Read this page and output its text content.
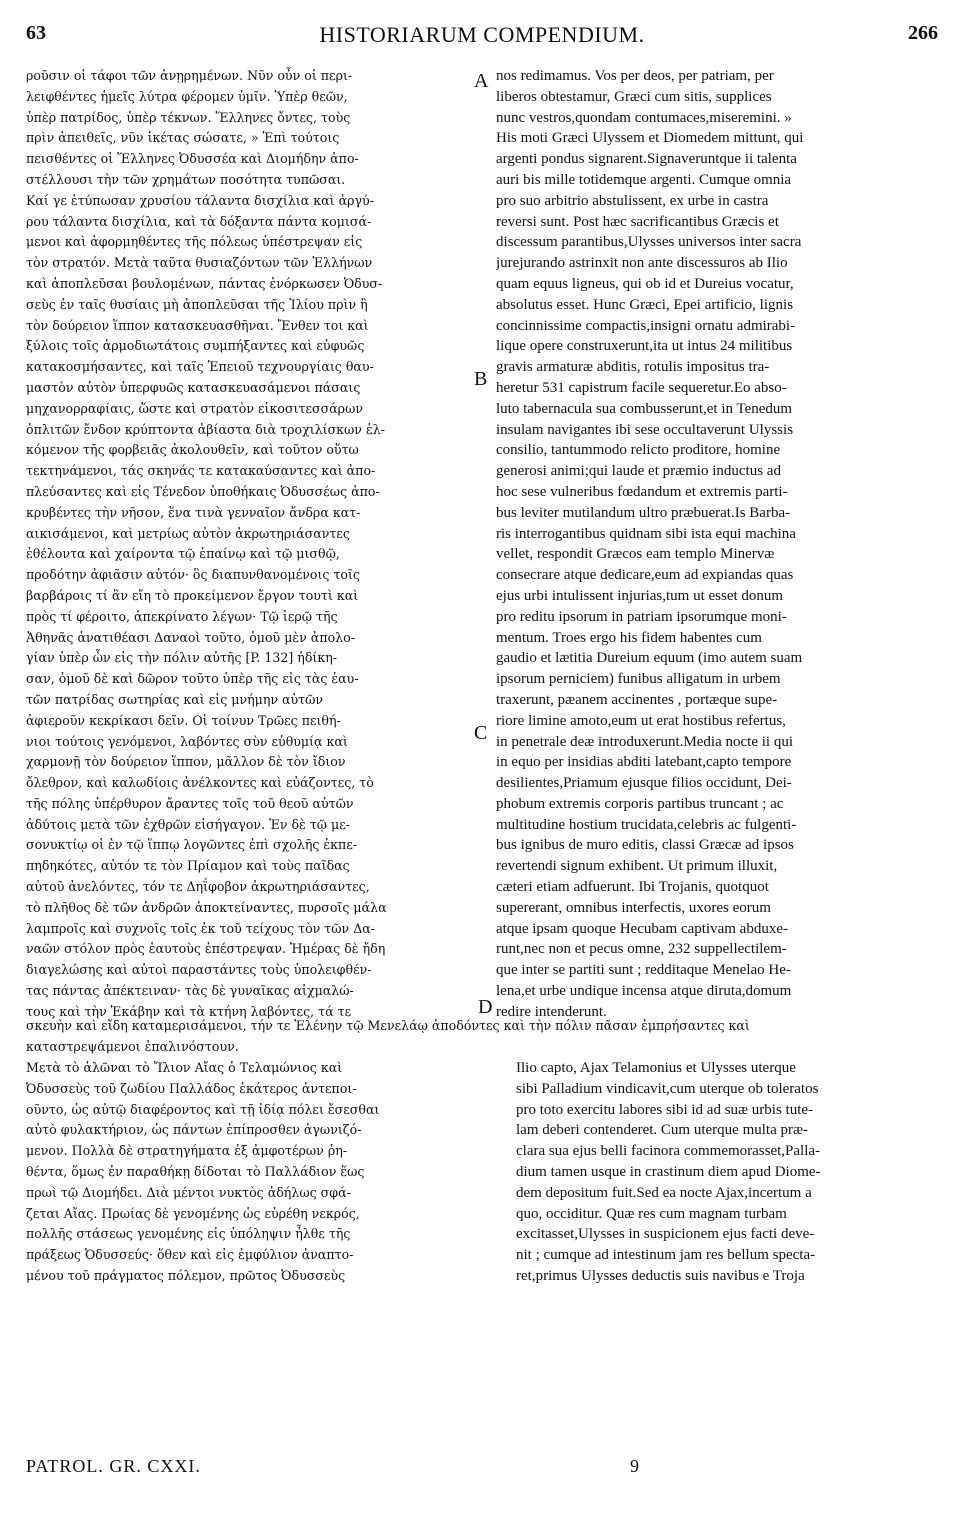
63	HISTORIARUM COMPENDIUM.	266
ροῦσιν οἱ τάφοι τῶν ἀνῃρημένων. Νῦν οὖν οἱ περι-
λειφθέντες ἡμεῖς λύτρα φέρομεν ὑμῖν. Ὑπὲρ θεῶν,
ὑπὲρ πατρίδος, ὑπὲρ τέκνων. Ἕλληνες ὄντες, τοὺς
πρὶν ἀπειθεῖς, νῦν ἱκέτας σώσατε, » Ἐπὶ τούτοις
πεισθέντες οἱ Ἕλληνες Ὀδυσσέα καὶ Διομήδην ἀπο-
στέλλουσι τὴν τῶν χρημάτων ποσότητα τυπῶσαι.
Καί γε ἐτύπωσαν χρυσίου τάλαντα δισχίλια καὶ ἀργύ-
ρου τάλαντα δισχίλια, καὶ τὰ δόξαντα πάντα κομισά-
μενοι καὶ ἀφορμηθέντες τῆς πόλεως ὑπέστρεψαν εἰς
τὸν στρατόν. Μετὰ ταῦτα θυσιαζόντων τῶν Ἑλλήνων
καὶ ἀποπλεῦσαι βουλομένων, πάντας ἐνόρκωσεν Ὀδυσ-
σεὺς ἐν ταῖς θυσίαις μὴ ἀποπλεῦσαι τῆς Ἰλίου πρὶν ἢ
τὸν δούρειον ἵππον κατασκευασθῆναι. Ἔνθεν τοι καὶ
ξύλοις τοῖς ἁρμοδιωτάτοις συμπήξαντες καὶ εὐφυῶς
κατακοσμήσαντες, καὶ ταῖς Ἐπειοῦ τεχνουργίαις θαυ-
μαστὸν αὐτὸν ὑπερφυῶς κατασκευασάμενοι πάσαις
μηχανορραφίαις, ὥστε καὶ στρατὸν εἰκοσιτεσσάρων
ὁπλιτῶν ἔνδον κρύπτοντα ἀβίαστα διὰ τροχιλίσκων ἑλ-
κόμενον τῆς φορβειᾶς ἀκολουθεῖν, καὶ τοῦτον οὕτω
τεκτηνάμενοι, τάς σκηνάς τε κατακαύσαντες καὶ ἀπο-
πλεύσαντες καὶ εἰς Τένεδον ὑποθήκαις Ὀδυσσέως ἀπο-
κρυβέντες τὴν νῆσον, ἕνα τινὰ γενναῖον ἄνδρα κατ-
αικισάμενοι, καὶ μετρίως αὐτὸν ἀκρωτηριάσαντες
ἐθέλοντα καὶ χαίροντα τῷ ἐπαίνῳ καὶ τῷ μισθῷ,
προδότην ἀφιᾶσιν αὐτόν· ὃς διαπυνθανομένοις τοῖς
βαρβάροις τί ἂν εἴη τὸ προκείμενον ἔργον τουτὶ καὶ
πρὸς τί φέροιτο, ἀπεκρίνατο λέγων· Τῷ ἱερῷ τῆς
Ἀθηνᾶς ἀνατιθέασι Δαναοὶ τοῦτο, ὁμοῦ μὲν ἀπολο-
γίαν ὑπὲρ ὧν εἰς τὴν πόλιν αὐτῆς [P. 132] ἠδίκη-
σαν, ὁμοῦ δὲ καὶ δῶρον τοῦτο ὑπὲρ τῆς εἰς τὰς ἑαυ-
τῶν πατρίδας σωτηρίας καὶ εἰς μνήμην αὐτῶν
ἀφιεροῦν κεκρίκασι δεῖν. Οἱ τοίνυν Τρῶες πειθή-
νιοι τούτοις γενόμενοι, λαβόντες σὺν εὐθυμίᾳ καὶ
χαρμονῇ τὸν δούρειον ἵππον, μᾶλλον δὲ τὸν ἴδιον
ὄλεθρον, καὶ καλωδίοις ἀνέλκοντες καὶ εὐάζοντες, τὸ
τῆς πόλης ὑπέρθυρον ἄραντες τοῖς τοῦ θεοῦ αὐτῶν
ἀδύτοις μετὰ τῶν ἐχθρῶν εἰσήγαγον. Ἐν δὲ τῷ με-
σονυκτίῳ οἱ ἐν τῷ ἵππῳ λογῶντες ἐπὶ σχολῆς ἐκπε-
πηδηκότες, αὐτόν τε τὸν Πρίαμον καὶ τοὺς παῖδας
αὐτοῦ ἀνελόντες, τόν τε Δηΐφοβον ἀκρωτηριάσαντες,
τὸ πλῆθος δὲ τῶν ἀνδρῶν ἀποκτείναντες, πυρσοῖς μάλα
λαμπροῖς καὶ συχνοῖς τοῖς ἐκ τοῦ τείχους τὸν τῶν Δα-
ναῶν στόλον πρὸς ἑαυτοὺς ἐπέστρεψαν. Ἡμέρας δὲ ἤδη
διαγελώσης καὶ αὐτοὶ παραστάντες τοὺς ὑπολειφθέν-
τας πάντας ἀπέκτειναν· τὰς δὲ γυναῖκας αἰχμαλώ-
τους καὶ τὴν Ἑκάβην καὶ τὰ κτήνη λαβόντες, τά τε
nos redimamus. Vos per deos, per patriam, per
liberos obtestamur, Græci cum sitis, supplices
nunc vestros,quondam contumaces,miseremini. »
His moti Græci Ulyssem et Diomedem mittunt, qui
argenti pondus signarent.Signaveruntque ii talenta
auri bis mille totidemque argenti. Cumque omnia
pro suo arbitrio abstulissent, ex urbe in castra
reversi sunt. Post hæc sacrificantibus Græcis et
discessum parantibus,Ulysses universos inter sacra
jurejurando astrinxit non ante discessuros ab Ilio
quam equus ligneus, qui ob id et Dureius vocatur,
absolutus esset. Hunc Græci, Epei artificio, lignis
concinnissime compactis,insigni ornatu admirabi-
lique opere construxerunt,ita ut intus 24 militibus
gravis armaturæ abditis, rotulis impositus tra-
heretur 531 capistrum facile sequeretur.Eo abso-
luto tabernacula sua combusserunt,et in Tenedum
insulam navigantes ibi sese occultaverunt Ulyssis
consilio, tantummodo relicto proditore, homine
generosi animi;qui laude et præmio inductus ad
hoc sese vulneribus fœdandum et extremis parti-
bus leviter mutilandum ultro præbuerat.Is Barba-
ris interrogantibus quidnam sibi ista equi machina
vellet, respondit Græcos eam templo Minervæ
consecrare atque dedicare,eum ad expiandas quas
ejus urbi intulissent injurias,tum ut esset donum
pro reditu ipsorum in patriam ipsorumque moni-
mentum. Troes ergo his fidem habentes cum
gaudio et lætitia Dureium equum (imo autem suam
ipsorum perniciem) funibus alligatum in urbem
traxerunt, pæanem accinentes , portæque supe-
riore limine amoto,eum ut erat hostibus refertus,
in penetrale deæ introduxerunt.Media nocte ii qui
in equo per insidias abditi latebant,capto tempore
desilientes,Priamum ejusque filios occidunt, Dei-
phobum extremis corporis partibus truncant ; ac
multitudine hostium trucidata,celebris ac fulgenti-
bus ignibus de muro editis, classi Græcæ ad ipsos
revertendi signum exhibent. Ut primum illuxit,
cæteri etiam adfuerunt. Ibi Trojanis, quotquot
supererant, omnibus interfectis, uxores eorum
atque ipsam quoque Hecubam captivam abduxe-
runt,nec non et pecus omne, 232 suppellectilem-
que inter se partiti sunt ; redditaque Menelao He-
lena,et urbe undique incensa atque diruta,domum
redire intenderunt.
A
B
C
D
σκευὴν καὶ εἴδη καταμερισάμενοι, τήν τε Ἑλένην τῷ Μενελάῳ ἀποδόντες καὶ τὴν πόλιν πᾶσαν ἐμπρήσαντες καὶ
καταστρεψάμενοι ἐπαλινόστουν.
Μετὰ τὸ ἁλῶναι τὸ Ἴλιον Αἴας ὁ Τελαμώνιος καὶ
Ὀδυσσεὺς τοῦ ζωδίου Παλλάδος ἑκάτερος ἀντεποι-
οῦντο, ὡς αὐτῷ διαφέροντος καὶ τῇ ἰδίᾳ πόλει ἔσεσθαι
αὐτὸ φυλακτήριον, ὡς πάντων ἐπίπροσθεν ἀγωνιζό-
μενον. Πολλὰ δὲ στρατηγήματα ἐξ ἀμφοτέρων ῥη-
θέντα, ὅμως ἐν παραθήκῃ δίδοται τὸ Παλλάδιον ἕως
πρωὶ τῷ Διομήδει. Διὰ μέντοι νυκτὸς ἀδήλως σφά-
ζεται Αἴας. Πρωίας δὲ γενομένης ὡς εὑρέθη νεκρός,
πολλῆς στάσεως γενομένης εἰς ὑπόληψιν ἦλθε τῆς
πράξεως Ὀδυσσεύς· ὅθεν καὶ εἰς ἐμφύλιον ἀναπτο-
μένου τοῦ πράγματος πόλεμον, πρῶτος Ὀδυσσεὺς
Ilio capto, Ajax Telamonius et Ulysses uterque
sibi Palladium vindicavit,cum uterque ob toleratos
pro toto exercitu labores sibi id ad suæ urbis tute-
lam deberi contenderet. Cum uterque multa præ-
clara sua ejus belli facinora commemorasset,Palla-
dium tamen usque in crastinum diem apud Diome-
dem depositum fuit.Sed ea nocte Ajax,incertum a
quo, occiditur. Quæ res cum magnam turbam
excitasset,Ulysses in suspicionem ejus facti deve-
nit ; cumque ad intestinum jam res bellum specta-
ret,primus Ulysses deductis suis navibus e Troja
PATROL. GR. CXXI.	9
